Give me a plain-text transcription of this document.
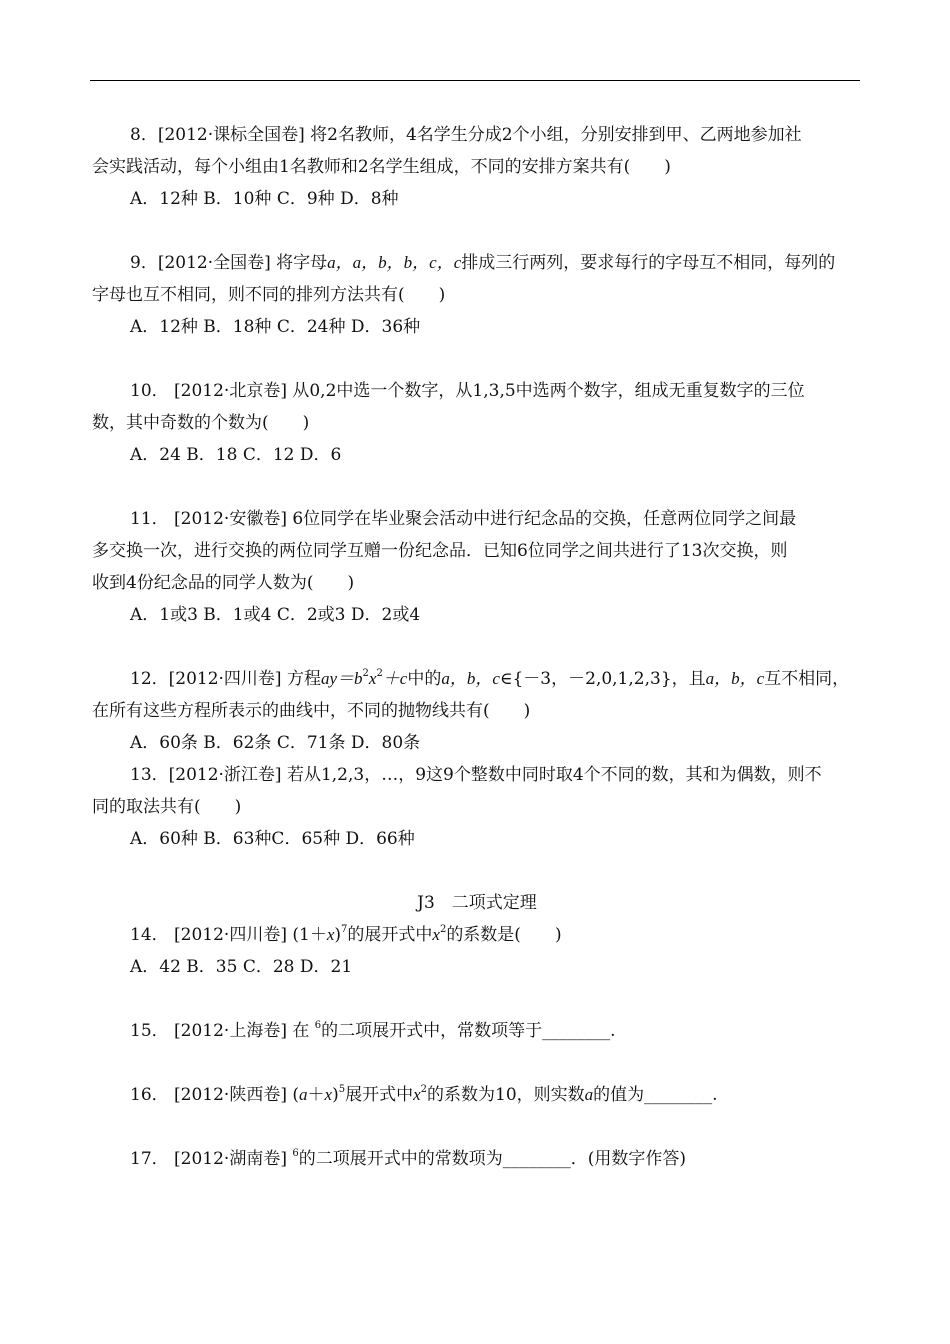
8．[2012·课标全国卷] 将2名教师，4名学生分成2个小组，分别安排到甲、乙两地参加社
会实践活动，每个小组由1名教师和2名学生组成，不同的安排方案共有(　　)
A．12种 B．10种 C．9种 D．8种
9．[2012·全国卷] 将字母a，a，b，b，c，c排成三行两列，要求每行的字母互不相同，每列的
字母也互不相同，则不同的排列方法共有(　　)
A．12种 B．18种 C．24种 D．36种
10． [2012·北京卷] 从0,2中选一个数字，从1,3,5中选两个数字，组成无重复数字的三位
数，其中奇数的个数为(　　)
A．24 B．18 C．12 D．6
11． [2012·安徽卷] 6位同学在毕业聚会活动中进行纪念品的交换，任意两位同学之间最
多交换一次，进行交换的两位同学互赠一份纪念品．已知6位同学之间共进行了13次交换，则
收到4份纪念品的同学人数为(　　)
A．1或3 B．1或4 C．2或3 D．2或4
12．[2012·四川卷] 方程$ay=b^2x^2+c$中的a，b，c∈{－3，－2,0,1,2,3}，且a，b，c互不相同，
在所有这些方程所表示的曲线中，不同的抛物线共有(　　)
A．60条 B．62条 C．71条 D．80条
13．[2012·浙江卷] 若从1,2,3，…，9这9个整数中同时取4个不同的数，其和为偶数，则不
同的取法共有(　　)
A．60种 B．63种C．65种 D．66种
J3　二项式定理
14． [2012·四川卷] $(1+x)^7$的展开式中$x^2$的系数是(　　)
A．42 B．35 C．28 D．21
15． [2012·上海卷] 在 $^6$的二项展开式中，常数项等于________.
16． [2012·陕西卷] $(a+x)^5$展开式中$x^2$的系数为10，则实数a的值为________.
17． [2012·湖南卷] $^6$的二项展开式中的常数项为________．(用数字作答)
